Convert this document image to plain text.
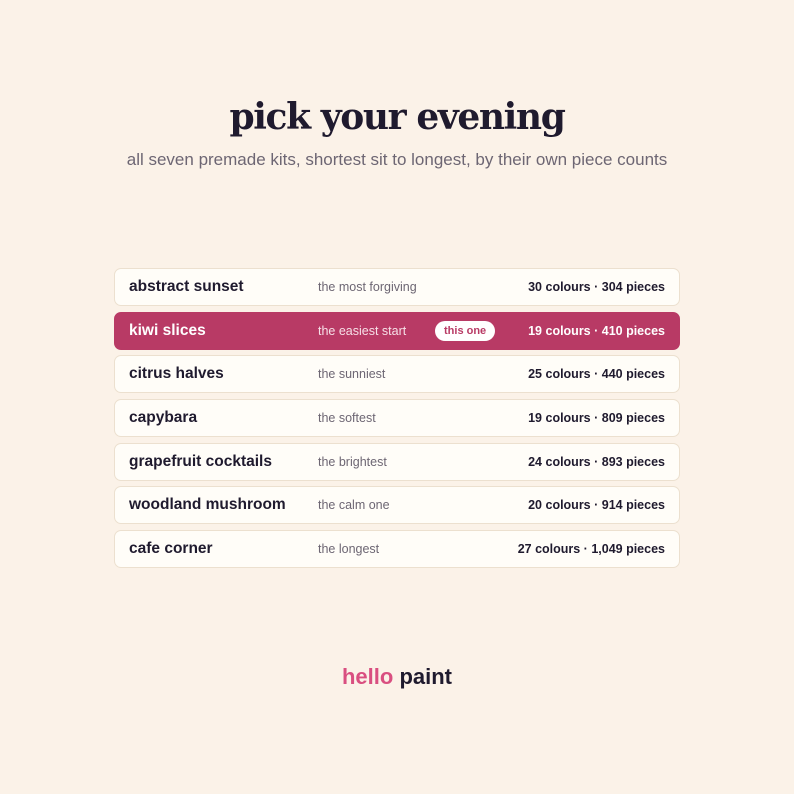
pick your evening

all seven premade kits, shortest sit to longest, by their own piece counts

abstract sunset	the most forgiving	30 colours · 304 pieces
kiwi slices	the easiest start	this one	19 colours · 410 pieces
citrus halves	the sunniest	25 colours · 440 pieces
capybara	the softest	19 colours · 809 pieces
grapefruit cocktails	the brightest	24 colours · 893 pieces
woodland mushroom	the calm one	20 colours · 914 pieces
cafe corner	the longest	27 colours · 1,049 pieces
hello paint
